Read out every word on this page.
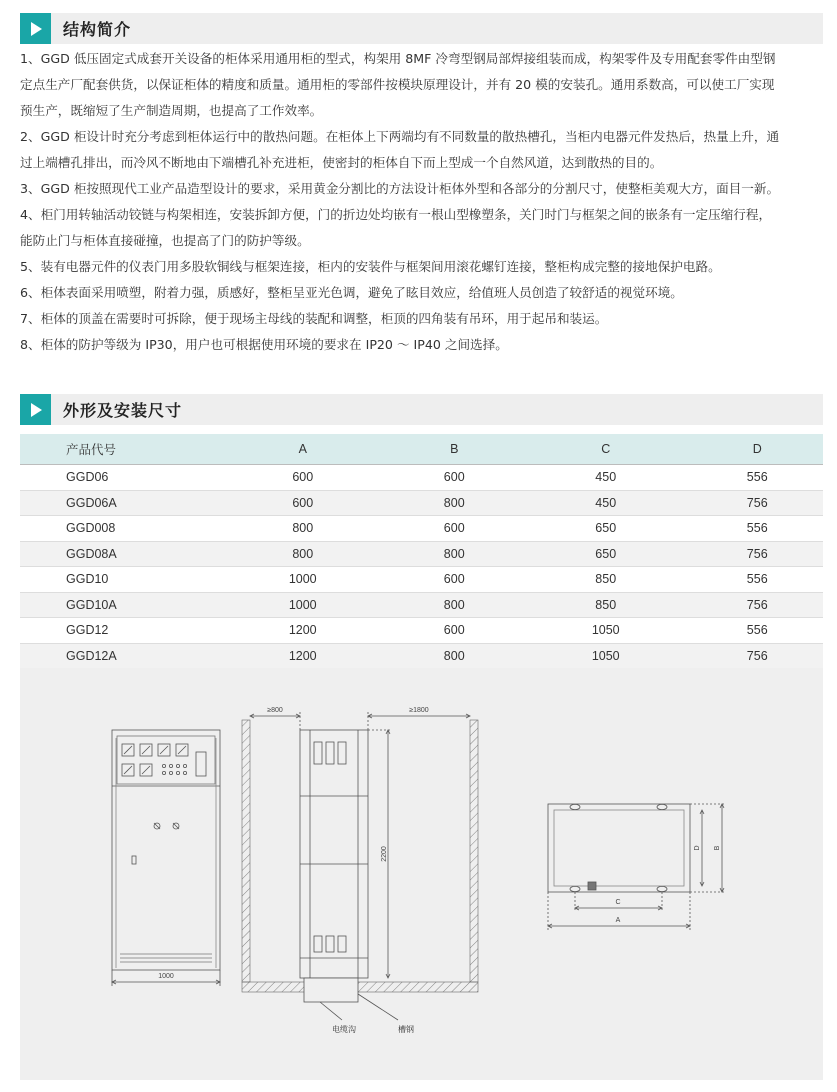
结构简介

1、GGD 低压固定式成套开关设备的柜体采用通用柜的型式，构架用 8MF 冷弯型钢局部焊接组装而成，构架零件及专用配套零件由型钢
定点生产厂配套供货，以保证柜体的精度和质量。通用柜的零部件按模块原理设计，并有 20 模的安装孔。通用系数高，可以使工厂实现
预生产，既缩短了生产制造周期，也提高了工作效率。

2、GGD 柜设计时充分考虑到柜体运行中的散热问题。在柜体上下两端均有不同数量的散热槽孔，当柜内电器元件发热后，热量上升，通
过上端槽孔排出，而冷风不断地由下端槽孔补充进柜，使密封的柜体自下而上型成一个自然风道，达到散热的目的。

3、GGD 柜按照现代工业产品造型设计的要求，采用黄金分割比的方法设计柜体外型和各部分的分割尺寸，使整柜美观大方，面目一新。

4、柜门用转轴活动铰链与构架相连，安装拆卸方便，门的折边处均嵌有一根山型橡塑条，关门时门与框架之间的嵌条有一定压缩行程，
能防止门与柜体直接碰撞，也提高了门的防护等级。

5、装有电器元件的仪表门用多股软铜线与框架连接，柜内的安装件与框架间用滚花螺钉连接，整柜构成完整的接地保护电路。

6、柜体表面采用喷塑，附着力强，质感好，整柜呈亚光色调，避免了眩目效应，给值班人员创造了较舒适的视觉环境。

7、柜体的顶盖在需要时可拆除，便于现场主母线的装配和调整，柜顶的四角装有吊环，用于起吊和装运。

8、柜体的防护等级为 IP30，用户也可根据使用环境的要求在 IP20 ～ IP40 之间选择。

外形及安装尺寸
产品代号	A	B	C	D
GGD06	600	600	450	556
GGD06A	600	800	450	756
GGD008	800	600	650	556
GGD08A	800	800	650	756
GGD10	1000	600	850	556
GGD10A	1000	800	850	756
GGD12	1200	600	1050	556
GGD12A	1200	800	1050	756
1000
≥800	≥1800
2200
电缆沟	槽钢
D B
C
A
